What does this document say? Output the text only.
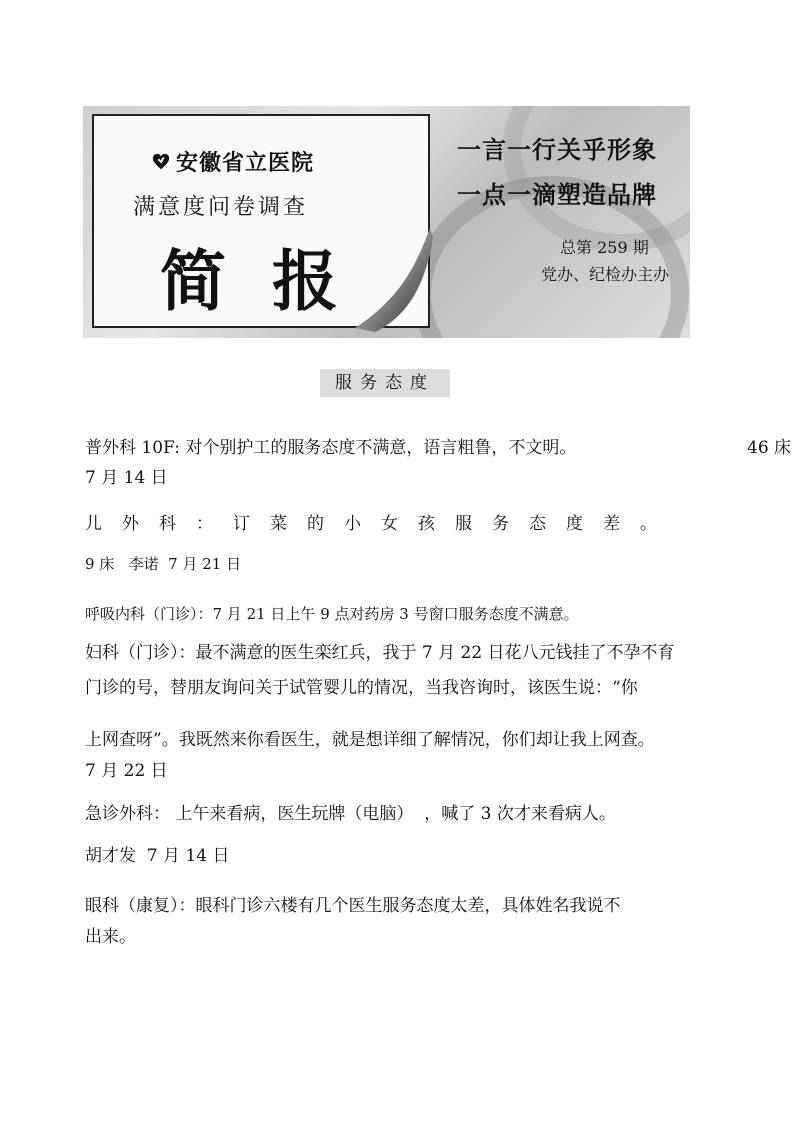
安徽省立医院
满意度问卷调查
简报
一言一行关乎形象
一点一滴塑造品牌
总第 259 期
党办、纪检办主办
服务态度
普外科 10F: 对个别护工的服务态度不满意，语言粗鲁，不文明。	46 床
7 月 14 日
儿外科：订菜的小女孩服务态度差。
9 床   李诺  7 月 21 日
呼吸内科（门诊）：7 月 21 日上午 9 点对药房 3 号窗口服务态度不满意。
妇科（门诊）：最不满意的医生栾红兵，我于 7 月 22 日花八元钱挂了不孕不育
门诊的号，替朋友询问关于试管婴儿的情况，当我咨询时，该医生说：“你
上网查呀”。我既然来你看医生，就是想详细了解情况，你们却让我上网查。
7 月 22 日
急诊外科： 上午来看病，医生玩牌（电脑）  ，喊了 3 次才来看病人。
胡才发  7 月 14 日
眼科（康复）：眼科门诊六楼有几个医生服务态度太差，具体姓名我说不
出来。
